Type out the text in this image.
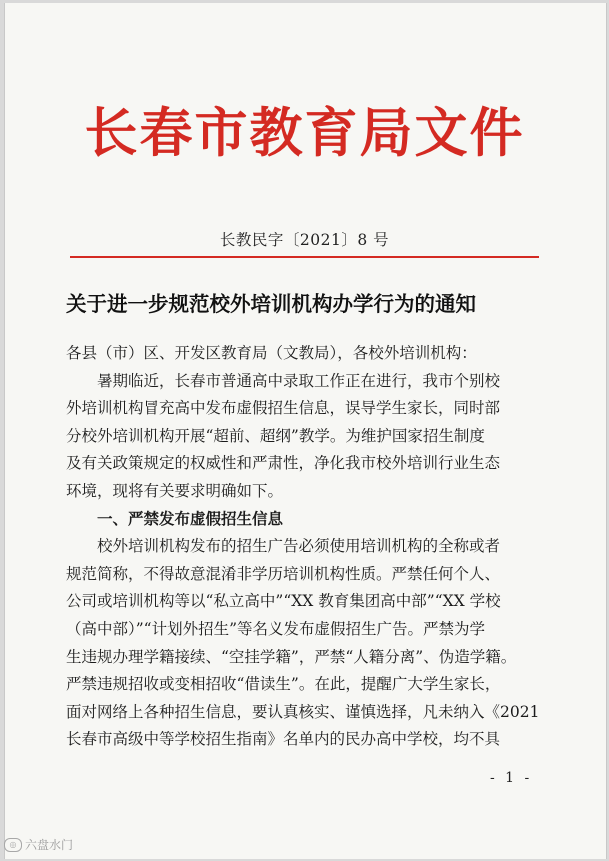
长春市教育局文件
长教民字〔2021〕8 号
关于进一步规范校外培训机构办学行为的通知

各县（市）区、开发区教育局（文教局），各校外培训机构：

暑期临近，长春市普通高中录取工作正在进行，我市个别校

外培训机构冒充高中发布虚假招生信息，误导学生家长，同时部

分校外培训机构开展“超前、超纲”教学。为维护国家招生制度

及有关政策规定的权威性和严肃性，净化我市校外培训行业生态

环境，现将有关要求明确如下。

一、严禁发布虚假招生信息

校外培训机构发布的招生广告必须使用培训机构的全称或者

规范简称，不得故意混淆非学历培训机构性质。严禁任何个人、

公司或培训机构等以“私立高中”“XX 教育集团高中部”“XX 学校

（高中部）”“计划外招生”等名义发布虚假招生广告。严禁为学

生违规办理学籍接续、“空挂学籍”，严禁“人籍分离”、伪造学籍。

严禁违规招收或变相招收“借读生”。在此，提醒广大学生家长，

面对网络上各种招生信息，要认真核实、谨慎选择，凡未纳入《2021

长春市高级中等学校招生指南》名单内的民办高中学校，均不具

- 1 -
◎ 六盘水门
